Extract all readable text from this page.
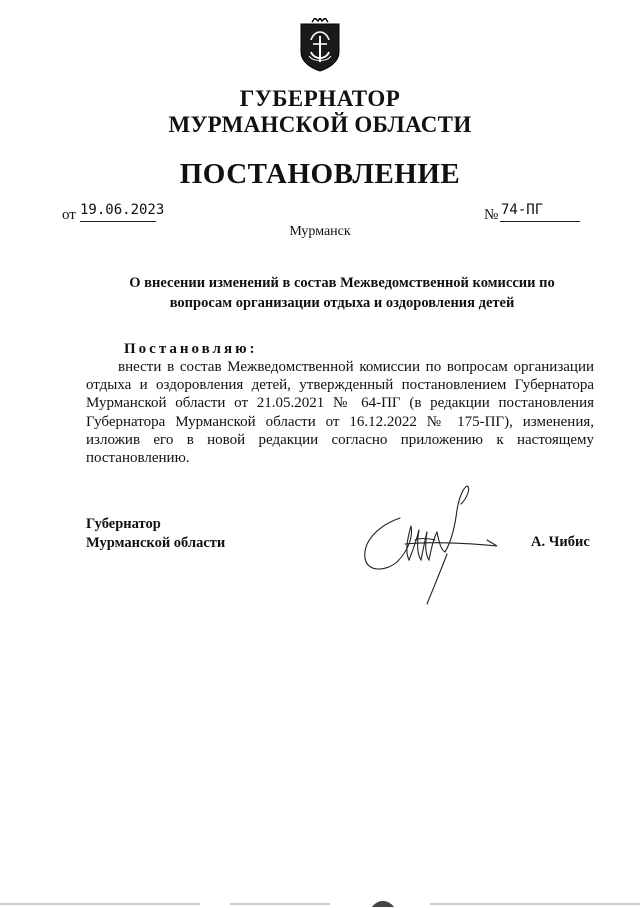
ГУБЕРНАТОР
МУРМАНСКОЙ ОБЛАСТИ
ПОСТАНОВЛЕНИЕ
от 19.06.2023	№ 74-ПГ
Мурманск
О внесении изменений в состав Межведомственной комиссии по
вопросам организации отдыха и оздоровления детей
Постановляю:

внести в состав Межведомственной комиссии по вопросам организации отдыха и оздоровления детей, утвержденный постановлением Губернатора Мурманской области от 21.05.2021 № 64-ПГ (в редакции постановления Губернатора Мурманской области от 16.12.2022 № 175-ПГ), изменения, изложив его в новой редакции согласно приложению к настоящему постановлению.

Губернатор
Мурманской области	А. Чибис
